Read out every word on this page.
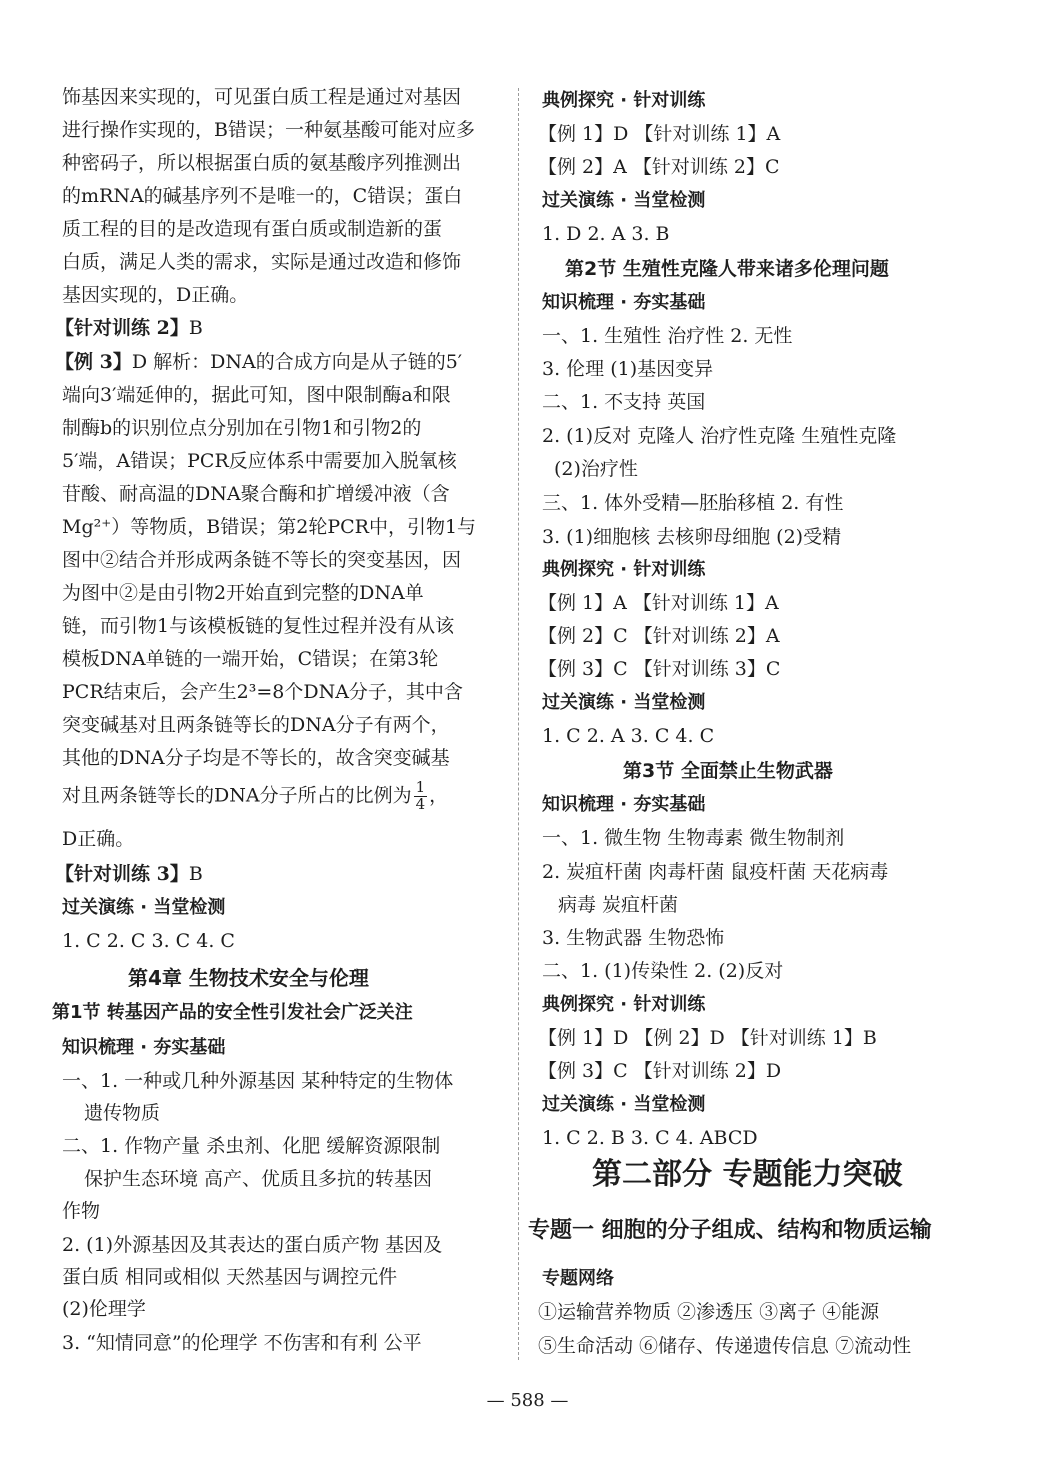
饰基因来实现的，可见蛋白质工程是通过对基因
进行操作实现的，B错误；一种氨基酸可能对应多
种密码子，所以根据蛋白质的氨基酸序列推测出
的mRNA的碱基序列不是唯一的，C错误；蛋白
质工程的目的是改造现有蛋白质或制造新的蛋
白质，满足人类的需求，实际是通过改造和修饰
基因实现的，D正确。
【针对训练 2】B
【例 3】D 解析：DNA的合成方向是从子链的5′
端向3′端延伸的，据此可知，图中限制酶a和限
制酶b的识别位点分别加在引物1和引物2的
5′端，A错误；PCR反应体系中需要加入脱氧核
苷酸、耐高温的DNA聚合酶和扩增缓冲液（含
Mg²⁺）等物质，B错误；第2轮PCR中，引物1与
图中②结合并形成两条链不等长的突变基因，因
为图中②是由引物2开始直到完整的DNA单
链，而引物1与该模板链的复性过程并没有从该
模板DNA单链的一端开始，C错误；在第3轮
PCR结束后，会产生2³=8个DNA分子，其中含
突变碱基对且两条链等长的DNA分子有两个，
其他的DNA分子均是不等长的，故含突变碱基
对且两条链等长的DNA分子所占的比例为 $\frac{1}{4}$ ，
D正确。
【针对训练 3】B
过关演练 · 当堂检测
1. C 2. C 3. C 4. C
第4章 生物技术安全与伦理
第1节 转基因产品的安全性引发社会广泛关注
知识梳理 · 夯实基础
一、1. 一种或几种外源基因 某种特定的生物体
遗传物质
二、1. 作物产量 杀虫剂、化肥 缓解资源限制
保护生态环境 高产、优质且多抗的转基因
作物
2. (1)外源基因及其表达的蛋白质产物 基因及
蛋白质 相同或相似 天然基因与调控元件
(2)伦理学
3. “知情同意”的伦理学 不伤害和有利 公平
典例探究 · 针对训练
【例 1】D 【针对训练 1】A
【例 2】A 【针对训练 2】C
过关演练 · 当堂检测
1. D 2. A 3. B
第2节 生殖性克隆人带来诸多伦理问题
知识梳理 · 夯实基础
一、1. 生殖性 治疗性 2. 无性
3. 伦理 (1)基因变异
二、1. 不支持 英国
2. (1)反对 克隆人 治疗性克隆 生殖性克隆
(2)治疗性
三、1. 体外受精—胚胎移植 2. 有性
3. (1)细胞核 去核卵母细胞 (2)受精
典例探究 · 针对训练
【例 1】A 【针对训练 1】A
【例 2】C 【针对训练 2】A
【例 3】C 【针对训练 3】C
过关演练 · 当堂检测
1. C 2. A 3. C 4. C
第3节 全面禁止生物武器
知识梳理 · 夯实基础
一、1. 微生物 生物毒素 微生物制剂
2. 炭疽杆菌 肉毒杆菌 鼠疫杆菌 天花病毒
病毒 炭疽杆菌
3. 生物武器 生物恐怖
二、1. (1)传染性 2. (2)反对
典例探究 · 针对训练
【例 1】D 【例 2】D 【针对训练 1】B
【例 3】C 【针对训练 2】D
过关演练 · 当堂检测
1. C 2. B 3. C 4. ABCD
第二部分 专题能力突破
专题一 细胞的分子组成、结构和物质运输
专题网络
①运输营养物质 ②渗透压 ③离子 ④能源
⑤生命活动 ⑥储存、传递遗传信息 ⑦流动性
— 588 —
